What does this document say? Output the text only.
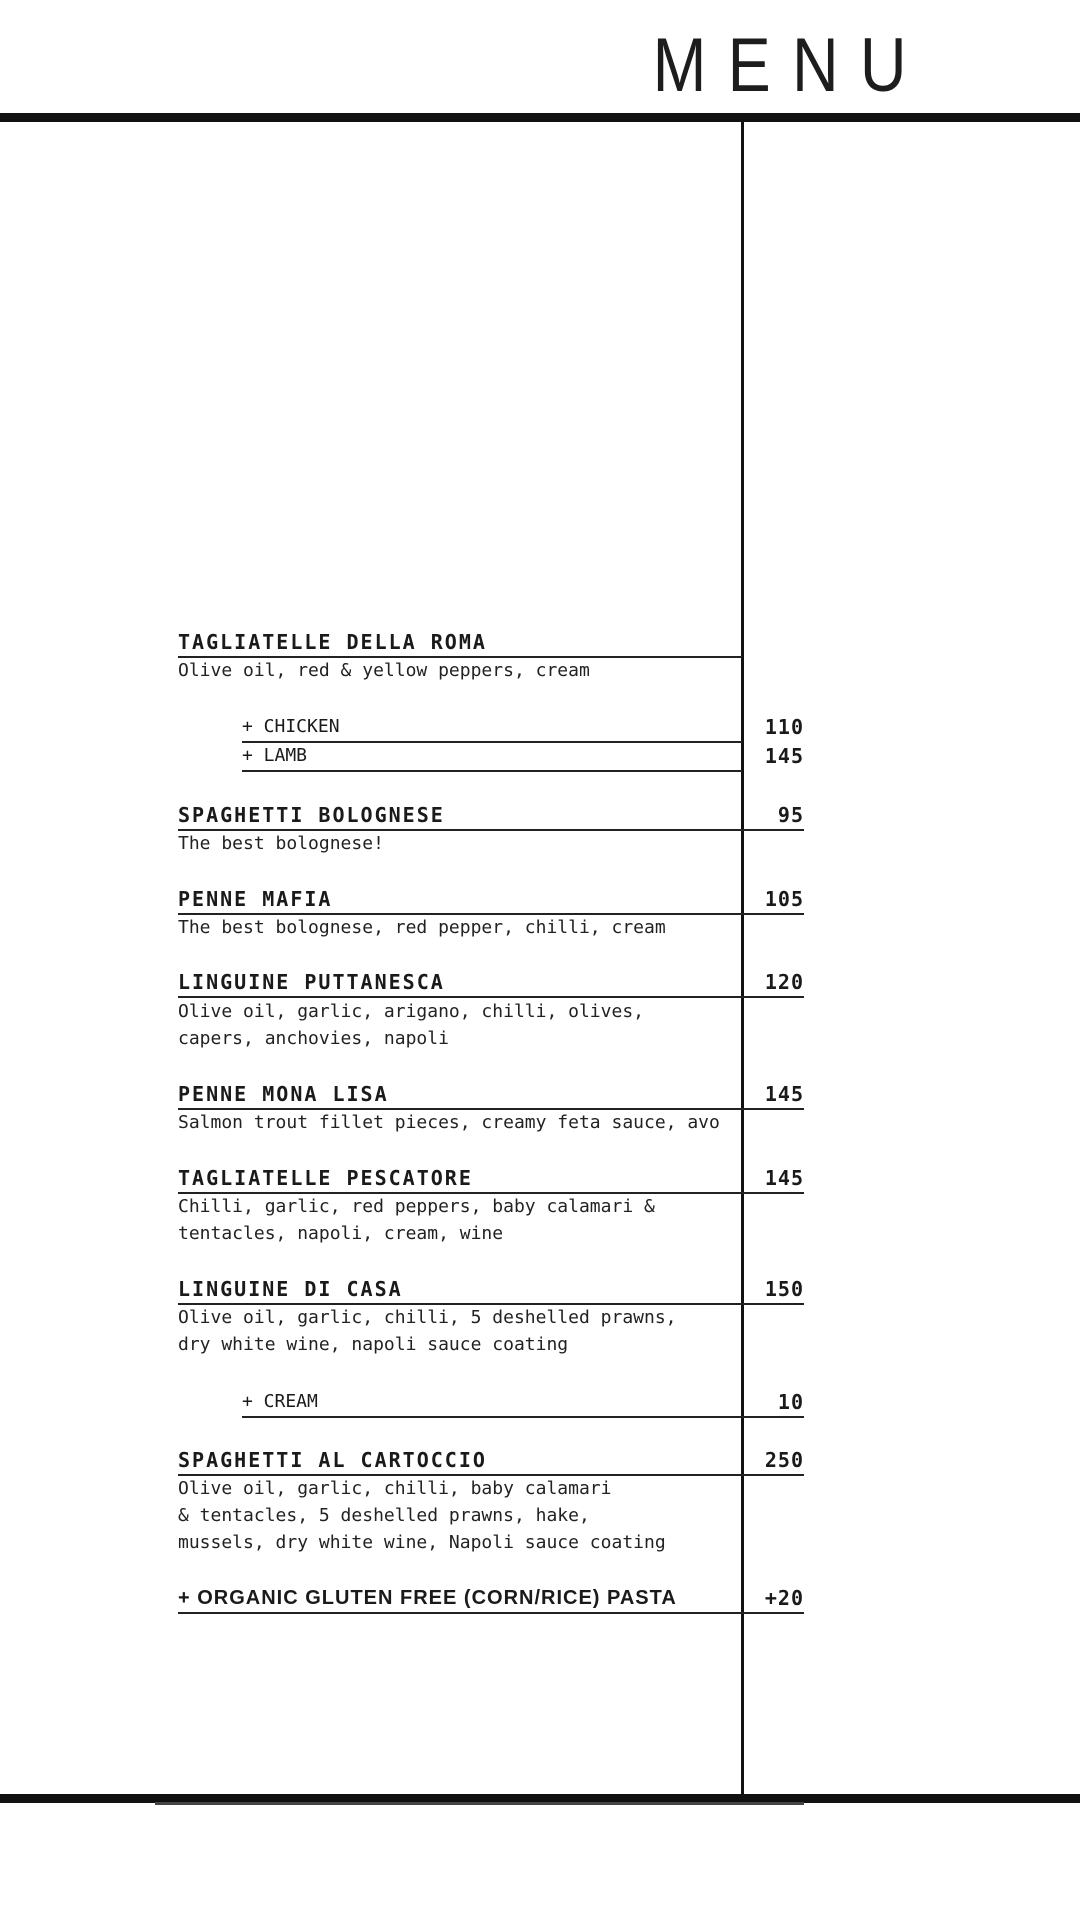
MENU
TAGLIATELLE DELLA ROMA
Olive oil, red & yellow peppers, cream
+ CHICKEN	110
+ LAMB	145
SPAGHETTI BOLOGNESE	95
The best bolognese!
PENNE MAFIA	105
The best bolognese, red pepper, chilli, cream
LINGUINE PUTTANESCA	120
Olive oil, garlic, arigano, chilli, olives,
capers, anchovies, napoli
PENNE MONA LISA	145
Salmon trout fillet pieces, creamy feta sauce, avo
TAGLIATELLE PESCATORE	145
Chilli, garlic, red peppers, baby calamari &
tentacles, napoli, cream, wine
LINGUINE DI CASA	150
Olive oil, garlic, chilli, 5 deshelled prawns,
dry white wine, napoli sauce coating
+ CREAM	10
SPAGHETTI AL CARTOCCIO	250
Olive oil, garlic, chilli, baby calamari
& tentacles, 5 deshelled prawns, hake,
mussels, dry white wine, Napoli sauce coating
+ ORGANIC GLUTEN FREE (CORN/RICE) PASTA	+20
